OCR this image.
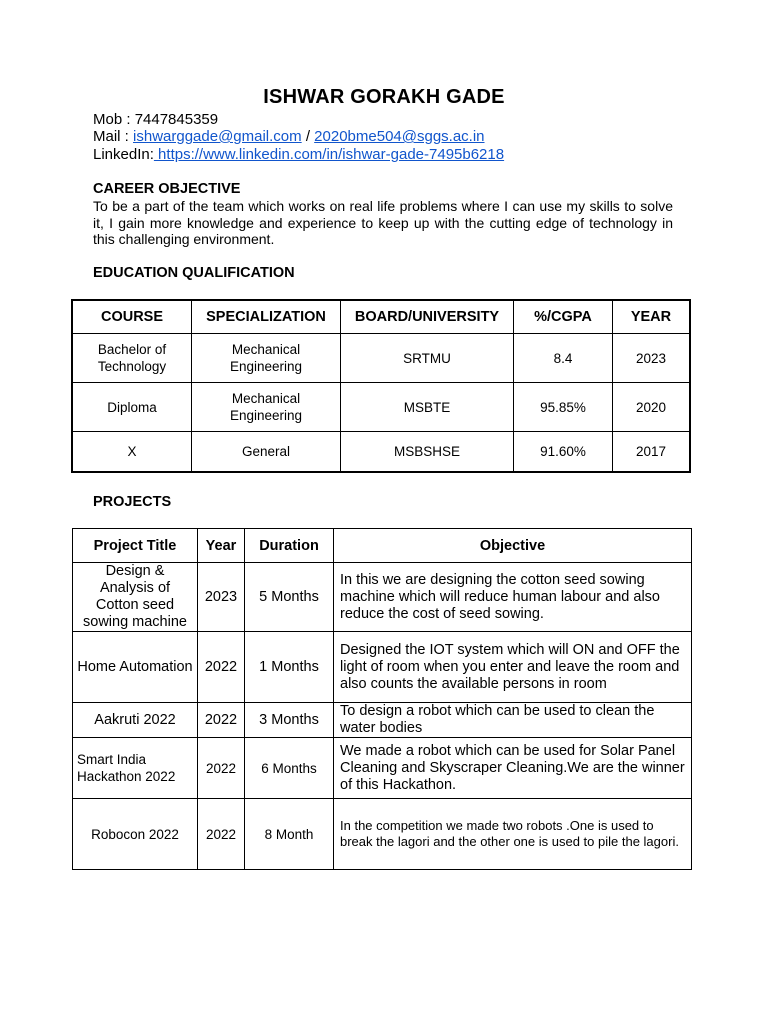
ISHWAR GORAKH GADE
Mob : 7447845359
Mail : ishwarggade@gmail.com / 2020bme504@sggs.ac.in
LinkedIn: https://www.linkedin.com/in/ishwar-gade-7495b6218
CAREER OBJECTIVE
To be a part of the team which works on real life problems where I can use my skills to solve it, I gain more knowledge and experience to keep up with the cutting edge of technology in this challenging environment.
EDUCATION QUALIFICATION
COURSE	SPECIALIZATION	BOARD/UNIVERSITY	%/CGPA	YEAR
Bachelor of Technology	Mechanical Engineering	SRTMU	8.4	2023
Diploma	Mechanical Engineering	MSBTE	95.85%	2020
X	General	MSBSHSE	91.60%	2017
PROJECTS
Project Title	Year	Duration	Objective
Design & Analysis of Cotton seed sowing machine	2023	5 Months	In this we are designing the cotton seed sowing machine which will reduce human labour and also reduce the cost of seed sowing.
Home Automation	2022	1 Months	Designed the IOT system which will ON and OFF the light of room when you enter and leave the room and also counts the available persons in room
Aakruti 2022	2022	3 Months	To design a robot which can be used to clean the water bodies
Smart India Hackathon 2022	2022	6 Months	We made a robot which can be used for Solar Panel Cleaning and Skyscraper Cleaning.We are the winner of this Hackathon.
Robocon 2022	2022	8 Month	In the competition we made two robots .One is used to break the lagori and the other one is used to pile the lagori.
